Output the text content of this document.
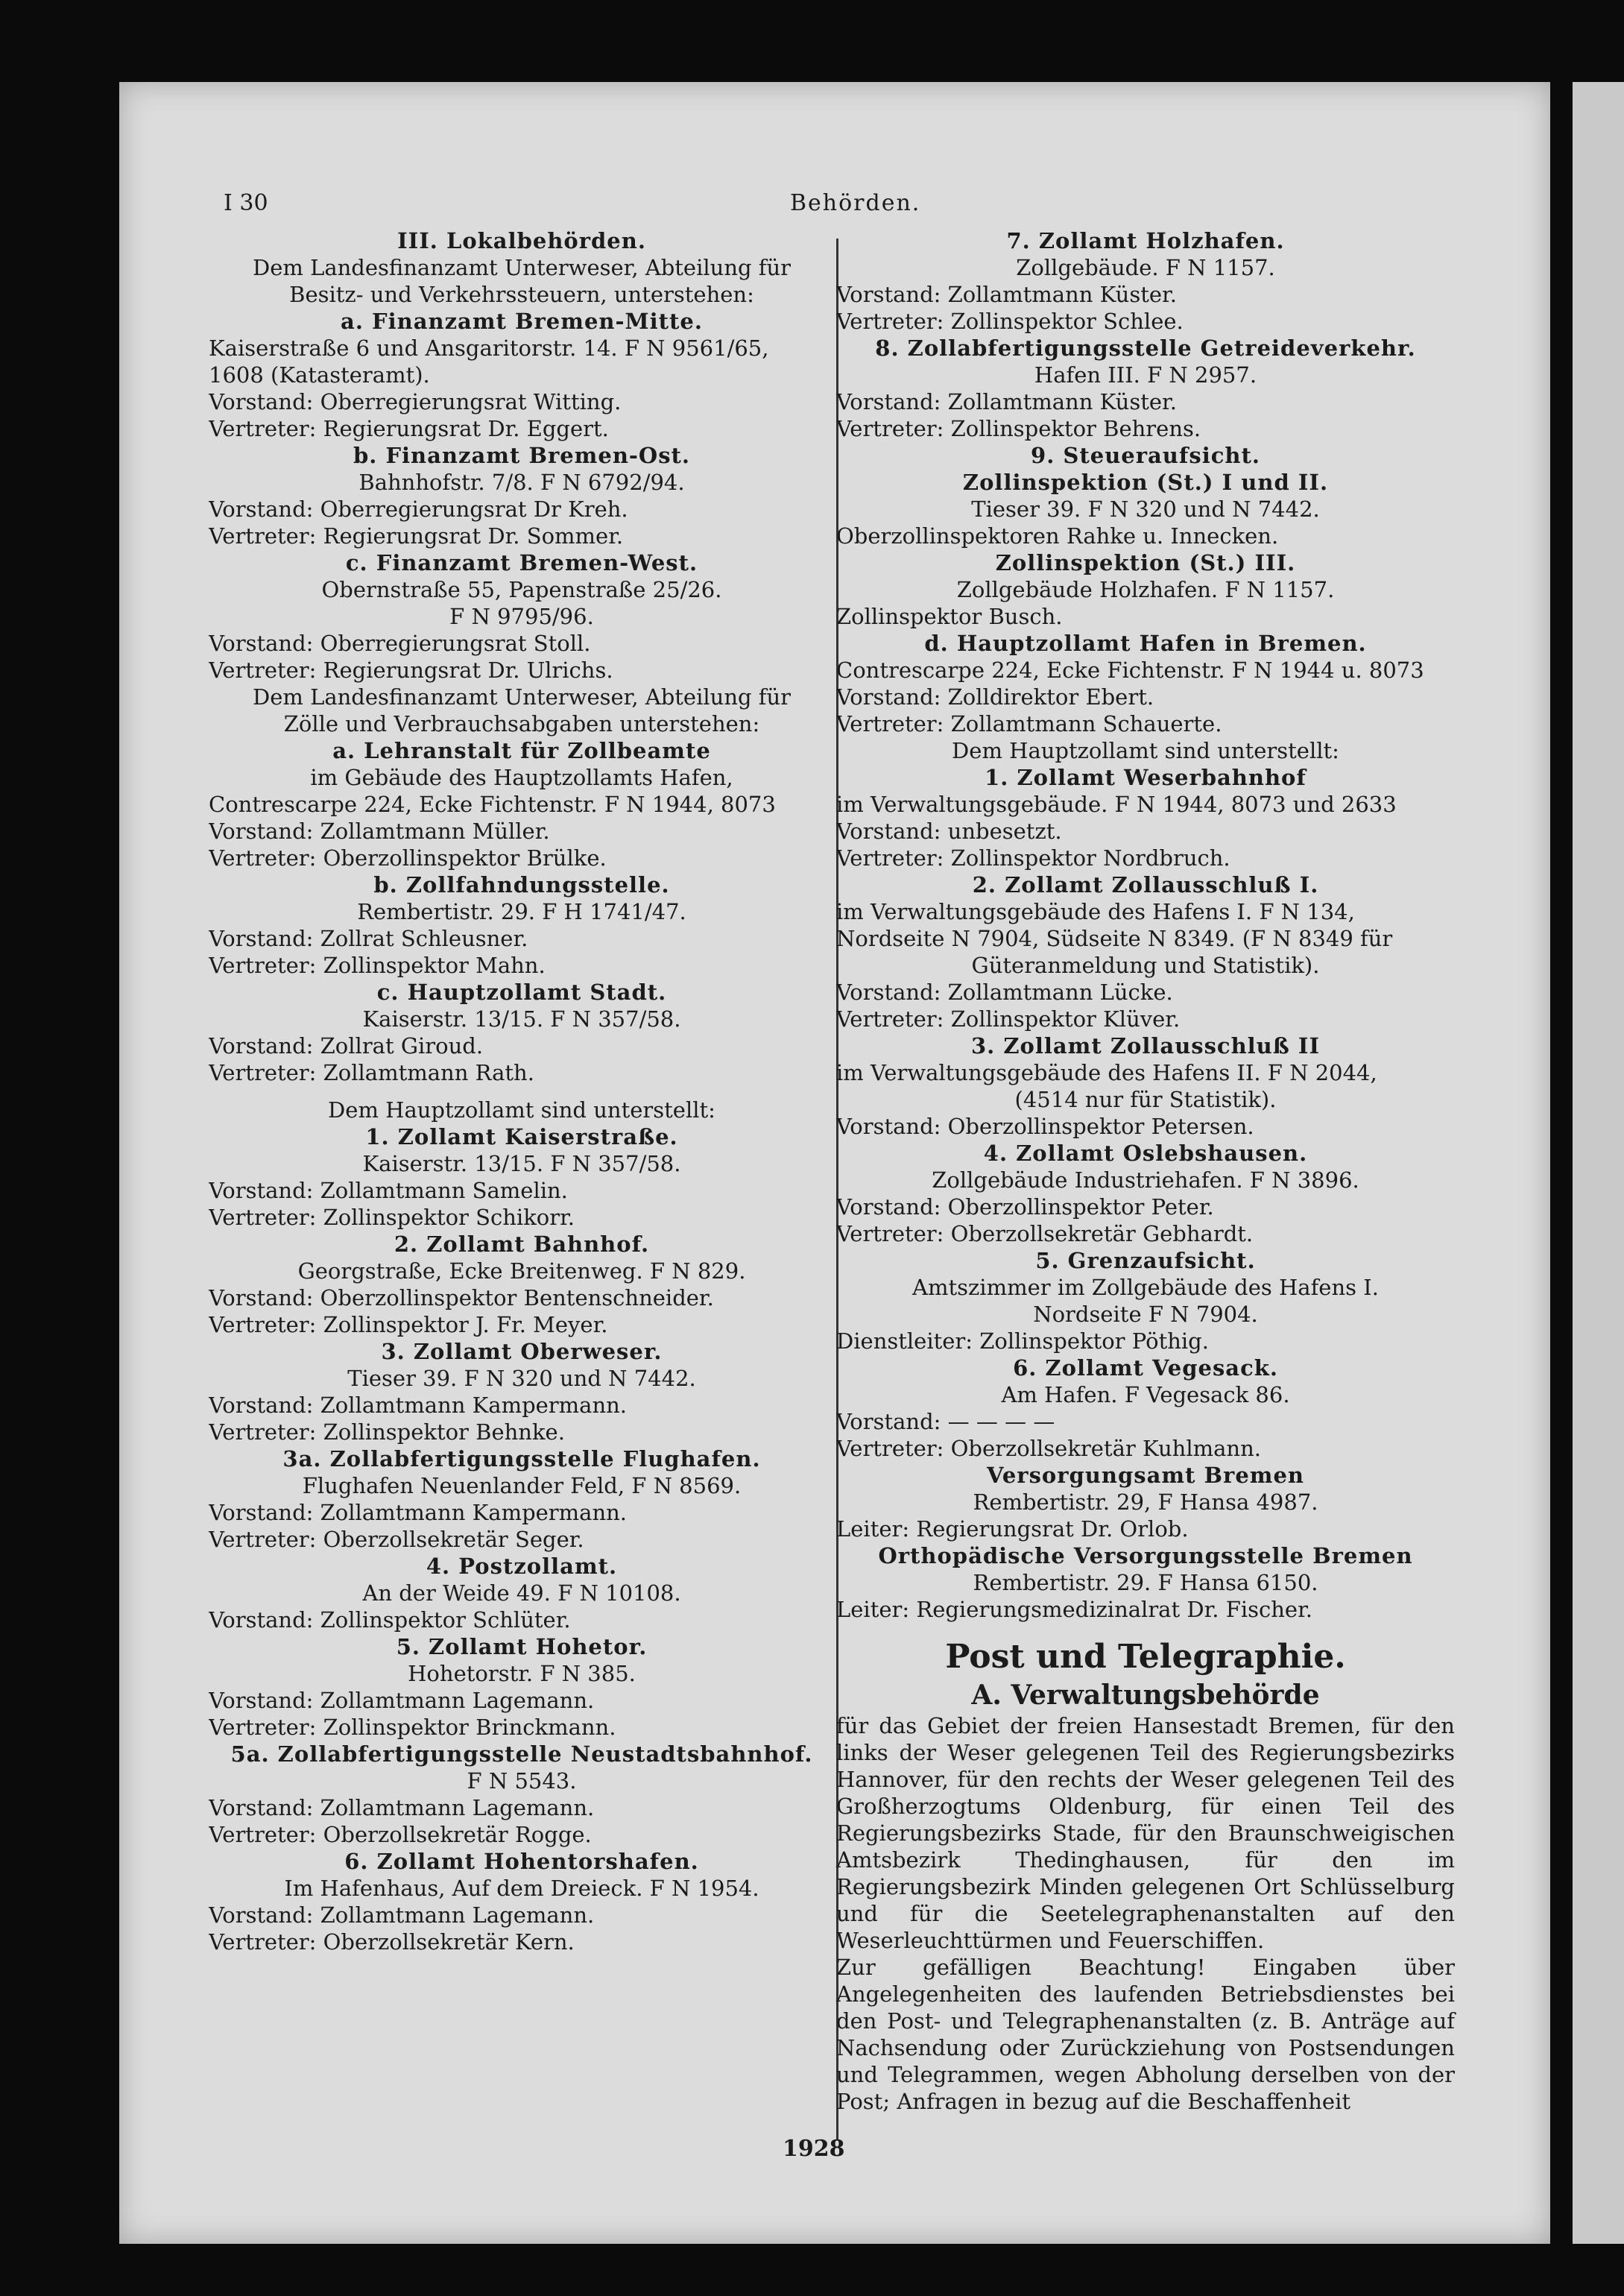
I 30	Behörden.
III. Lokalbehörden.
Dem Landesfinanzamt Unterweser, Abteilung für
Besitz- und Verkehrssteuern, unterstehen:
a. Finanzamt Bremen-Mitte.
Kaiserstraße 6 und Ansgaritorstr. 14. F N 9561/65,
1608 (Katasteramt).
Vorstand: Oberregierungsrat Witting.
Vertreter: Regierungsrat Dr. Eggert.
b. Finanzamt Bremen-Ost.
Bahnhofstr. 7/8. F N 6792/94.
Vorstand: Oberregierungsrat Dr Kreh.
Vertreter: Regierungsrat Dr. Sommer.
c. Finanzamt Bremen-West.
Obernstraße 55, Papenstraße 25/26.
F N 9795/96.
Vorstand: Oberregierungsrat Stoll.
Vertreter: Regierungsrat Dr. Ulrichs.
Dem Landesfinanzamt Unterweser, Abteilung für
Zölle und Verbrauchsabgaben unterstehen:
a. Lehranstalt für Zollbeamte
im Gebäude des Hauptzollamts Hafen,
Contrescarpe 224, Ecke Fichtenstr. F N 1944, 8073
Vorstand: Zollamtmann Müller.
Vertreter: Oberzollinspektor Brülke.
b. Zollfahndungsstelle.
Rembertistr. 29. F H 1741/47.
Vorstand: Zollrat Schleusner.
Vertreter: Zollinspektor Mahn.
c. Hauptzollamt Stadt.
Kaiserstr. 13/15. F N 357/58.
Vorstand: Zollrat Giroud.
Vertreter: Zollamtmann Rath.
Dem Hauptzollamt sind unterstellt:
1. Zollamt Kaiserstraße.
Kaiserstr. 13/15. F N 357/58.
Vorstand: Zollamtmann Samelin.
Vertreter: Zollinspektor Schikorr.
2. Zollamt Bahnhof.
Georgstraße, Ecke Breitenweg. F N 829.
Vorstand: Oberzollinspektor Bentenschneider.
Vertreter: Zollinspektor J. Fr. Meyer.
3. Zollamt Oberweser.
Tieser 39. F N 320 und N 7442.
Vorstand: Zollamtmann Kampermann.
Vertreter: Zollinspektor Behnke.
3a. Zollabfertigungsstelle Flughafen.
Flughafen Neuenlander Feld, F N 8569.
Vorstand: Zollamtmann Kampermann.
Vertreter: Oberzollsekretär Seger.
4. Postzollamt.
An der Weide 49. F N 10108.
Vorstand: Zollinspektor Schlüter.
5. Zollamt Hohetor.
Hohetorstr. F N 385.
Vorstand: Zollamtmann Lagemann.
Vertreter: Zollinspektor Brinckmann.
5a. Zollabfertigungsstelle Neustadtsbahnhof.
F N 5543.
Vorstand: Zollamtmann Lagemann.
Vertreter: Oberzollsekretär Rogge.
6. Zollamt Hohentorshafen.
Im Hafenhaus, Auf dem Dreieck. F N 1954.
Vorstand: Zollamtmann Lagemann.
Vertreter: Oberzollsekretär Kern.
7. Zollamt Holzhafen.
Zollgebäude. F N 1157.
Vorstand: Zollamtmann Küster.
Vertreter: Zollinspektor Schlee.
8. Zollabfertigungsstelle Getreideverkehr.
Hafen III. F N 2957.
Vorstand: Zollamtmann Küster.
Vertreter: Zollinspektor Behrens.
9. Steueraufsicht.
Zollinspektion (St.) I und II.
Tieser 39. F N 320 und N 7442.
Oberzollinspektoren Rahke u. Innecken.
Zollinspektion (St.) III.
Zollgebäude Holzhafen. F N 1157.
Zollinspektor Busch.
d. Hauptzollamt Hafen in Bremen.
Contrescarpe 224, Ecke Fichtenstr. F N 1944 u. 8073
Vorstand: Zolldirektor Ebert.
Vertreter: Zollamtmann Schauerte.
Dem Hauptzollamt sind unterstellt:
1. Zollamt Weserbahnhof
im Verwaltungsgebäude. F N 1944, 8073 und 2633
Vorstand: unbesetzt.
Vertreter: Zollinspektor Nordbruch.
2. Zollamt Zollausschluß I.
im Verwaltungsgebäude des Hafens I. F N 134,
Nordseite N 7904, Südseite N 8349. (F N 8349 für
Güteranmeldung und Statistik).
Vorstand: Zollamtmann Lücke.
Vertreter: Zollinspektor Klüver.
3. Zollamt Zollausschluß II
im Verwaltungsgebäude des Hafens II. F N 2044,
(4514 nur für Statistik).
Vorstand: Oberzollinspektor Petersen.
4. Zollamt Oslebshausen.
Zollgebäude Industriehafen. F N 3896.
Vorstand: Oberzollinspektor Peter.
Vertreter: Oberzollsekretär Gebhardt.
5. Grenzaufsicht.
Amtszimmer im Zollgebäude des Hafens I.
Nordseite F N 7904.
Dienstleiter: Zollinspektor Pöthig.
6. Zollamt Vegesack.
Am Hafen. F Vegesack 86.
Vorstand: — — — —
Vertreter: Oberzollsekretär Kuhlmann.
Versorgungsamt Bremen
Rembertistr. 29, F Hansa 4987.
Leiter: Regierungsrat Dr. Orlob.
Orthopädische Versorgungsstelle Bremen
Rembertistr. 29. F Hansa 6150.
Leiter: Regierungsmedizinalrat Dr. Fischer.
Post und Telegraphie.
A. Verwaltungsbehörde
für das Gebiet der freien Hansestadt Bremen, für den links der Weser gelegenen Teil des Regierungsbezirks Hannover, für den rechts der Weser gelegenen Teil des Großherzogtums Oldenburg, für einen Teil des Regierungsbezirks Stade, für den Braunschweigischen Amtsbezirk Thedinghausen, für den im Regierungsbezirk Minden gelegenen Ort Schlüsselburg und für die Seetelegraphenanstalten auf den Weserleuchttürmen und Feuerschiffen.
Zur gefälligen Beachtung! Eingaben über Angelegenheiten des laufenden Betriebsdienstes bei den Post- und Telegraphenanstalten (z. B. Anträge auf Nachsendung oder Zurückziehung von Postsendungen und Telegrammen, wegen Abholung derselben von der Post; Anfragen in bezug auf die Beschaffenheit
1928
